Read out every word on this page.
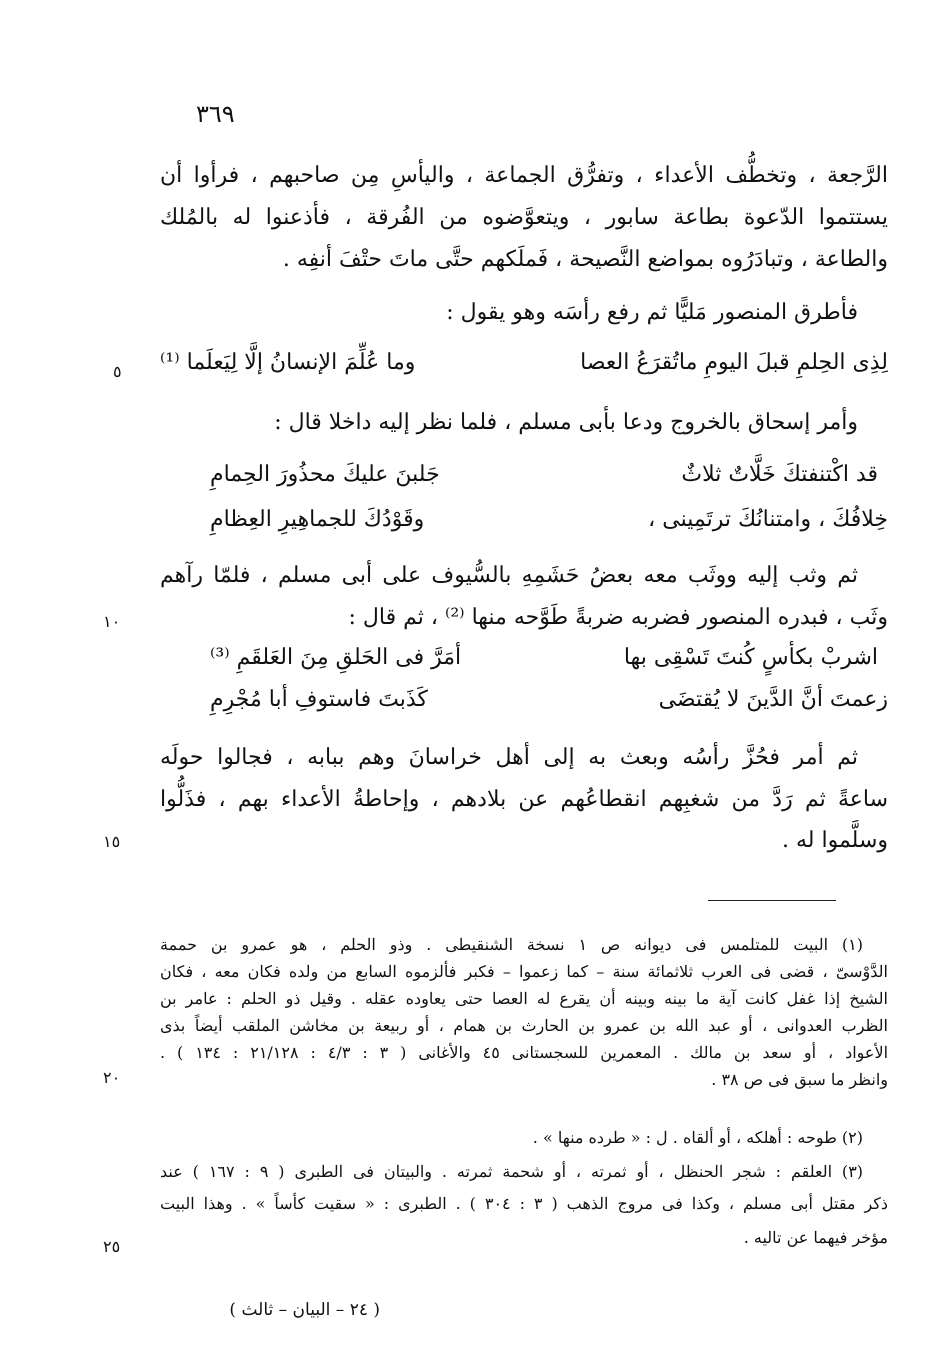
٣٦٩
الرَّجعة ، وتخطُّف الأعداء ، وتفرُّق الجماعة ، واليأسِ مِن صاحبهم ، فرأوا أن
يستتموا الدّعوة بطاعة سابور ، ويتعوَّضوه من الفُرقة ، فأذعنوا له بالمُلك
والطاعة ، وتبادَرُوه بمواضع النَّصيحة ، فَملَكهم حتَّى ماتَ حتْفَ أنفِه .
فأطرق المنصور مَليًّا ثم رفع رأسَه وهو يقول :
لِذِى الحِلمِ قبلَ اليومِ ماتُقرَعُ العصا
وما عُلِّمَ الإنسانُ إلَّا لِيَعلَما ⁽¹⁾
وأمر إسحاق بالخروج ودعا بأبى مسلم ، فلما نظر إليه داخلا قال :
قد اكْتنفتكَ خَلَّاتٌ ثلاثٌ
جَلبنَ عليكَ محذُورَ الحِمامِ
خِلافُكَ ، وامتنانُكَ ترتَمِينى ،
وقَوْدُكَ للجماهِيرِ العِظامِ
ثم وثب إليه ووثَب معه بعضُ حَشَمِهِ بالسُّيوف على أبى مسلم ، فلمّا رآهم
وثَب ، فبدره المنصور فضربه ضربةً طَوَّحه منها ⁽²⁾ ، ثم قال :
اشربْ بكأسٍ كُنتَ تَسْقِى بها
أمَرَّ فى الحَلقِ مِنَ العَلقَمِ ⁽³⁾
زعمتَ أنَّ الدَّينَ لا يُقتضَى
كَذَبتَ فاستوفِ أبا مُجْرِمِ
ثم أمر فحُزَّ رأسُه وبعث به إلى أهل خراسانَ وهم ببابه ، فجالوا حولَه
ساعةً ثم رَدَّ من شغبِهم انقطاعُهم عن بلادهم ، وإحاطةُ الأعداء بهم ، فذَلُّوا
وسلَّموا له .
٥
١٠
١٥
٢٠
٢٥
(١) البيت للمتلمس فى ديوانه ص ١ نسخة الشنقيطى . وذو الحلم ، هو عمرو بن حممة
الدَّوْسىّ ، قضى فى العرب ثلاثمائة سنة – كما زعموا – فكبر فألزموه السابع من ولده فكان معه ، فكان
الشيخ إذا غفل كانت آية ما بينه وبينه أن يقرع له العصا حتى يعاوده عقله . وقيل ذو الحلم : عامر بن
الظرب العدوانى ، أو عبد الله بن عمرو بن الحارث بن همام ، أو ربيعة بن مخاشن الملقب أيضاً بذى
الأعواد ، أو سعد بن مالك . المعمرين للسجستانى ٤٥ والأغانى ( ٣ : ٤/٣ : ٢١/١٢٨ : ١٣٤ ) .
وانظر ما سبق فى ص ٣٨ .
(٢) طوحه : أهلكه ، أو ألقاه . ل : « طرده منها » .
(٣) العلقم : شجر الحنظل ، أو ثمرته ، أو شحمة ثمرته . والبيتان فى الطبرى ( ٩ : ١٦٧ ) عند
ذكر مقتل أبى مسلم ، وكذا فى مروج الذهب ( ٣ : ٣٠٤ ) . الطبرى : « سقيت كأساً » . وهذا البيت
مؤخر فيهما عن تاليه .
( ٢٤ – البيان – ثالث )
